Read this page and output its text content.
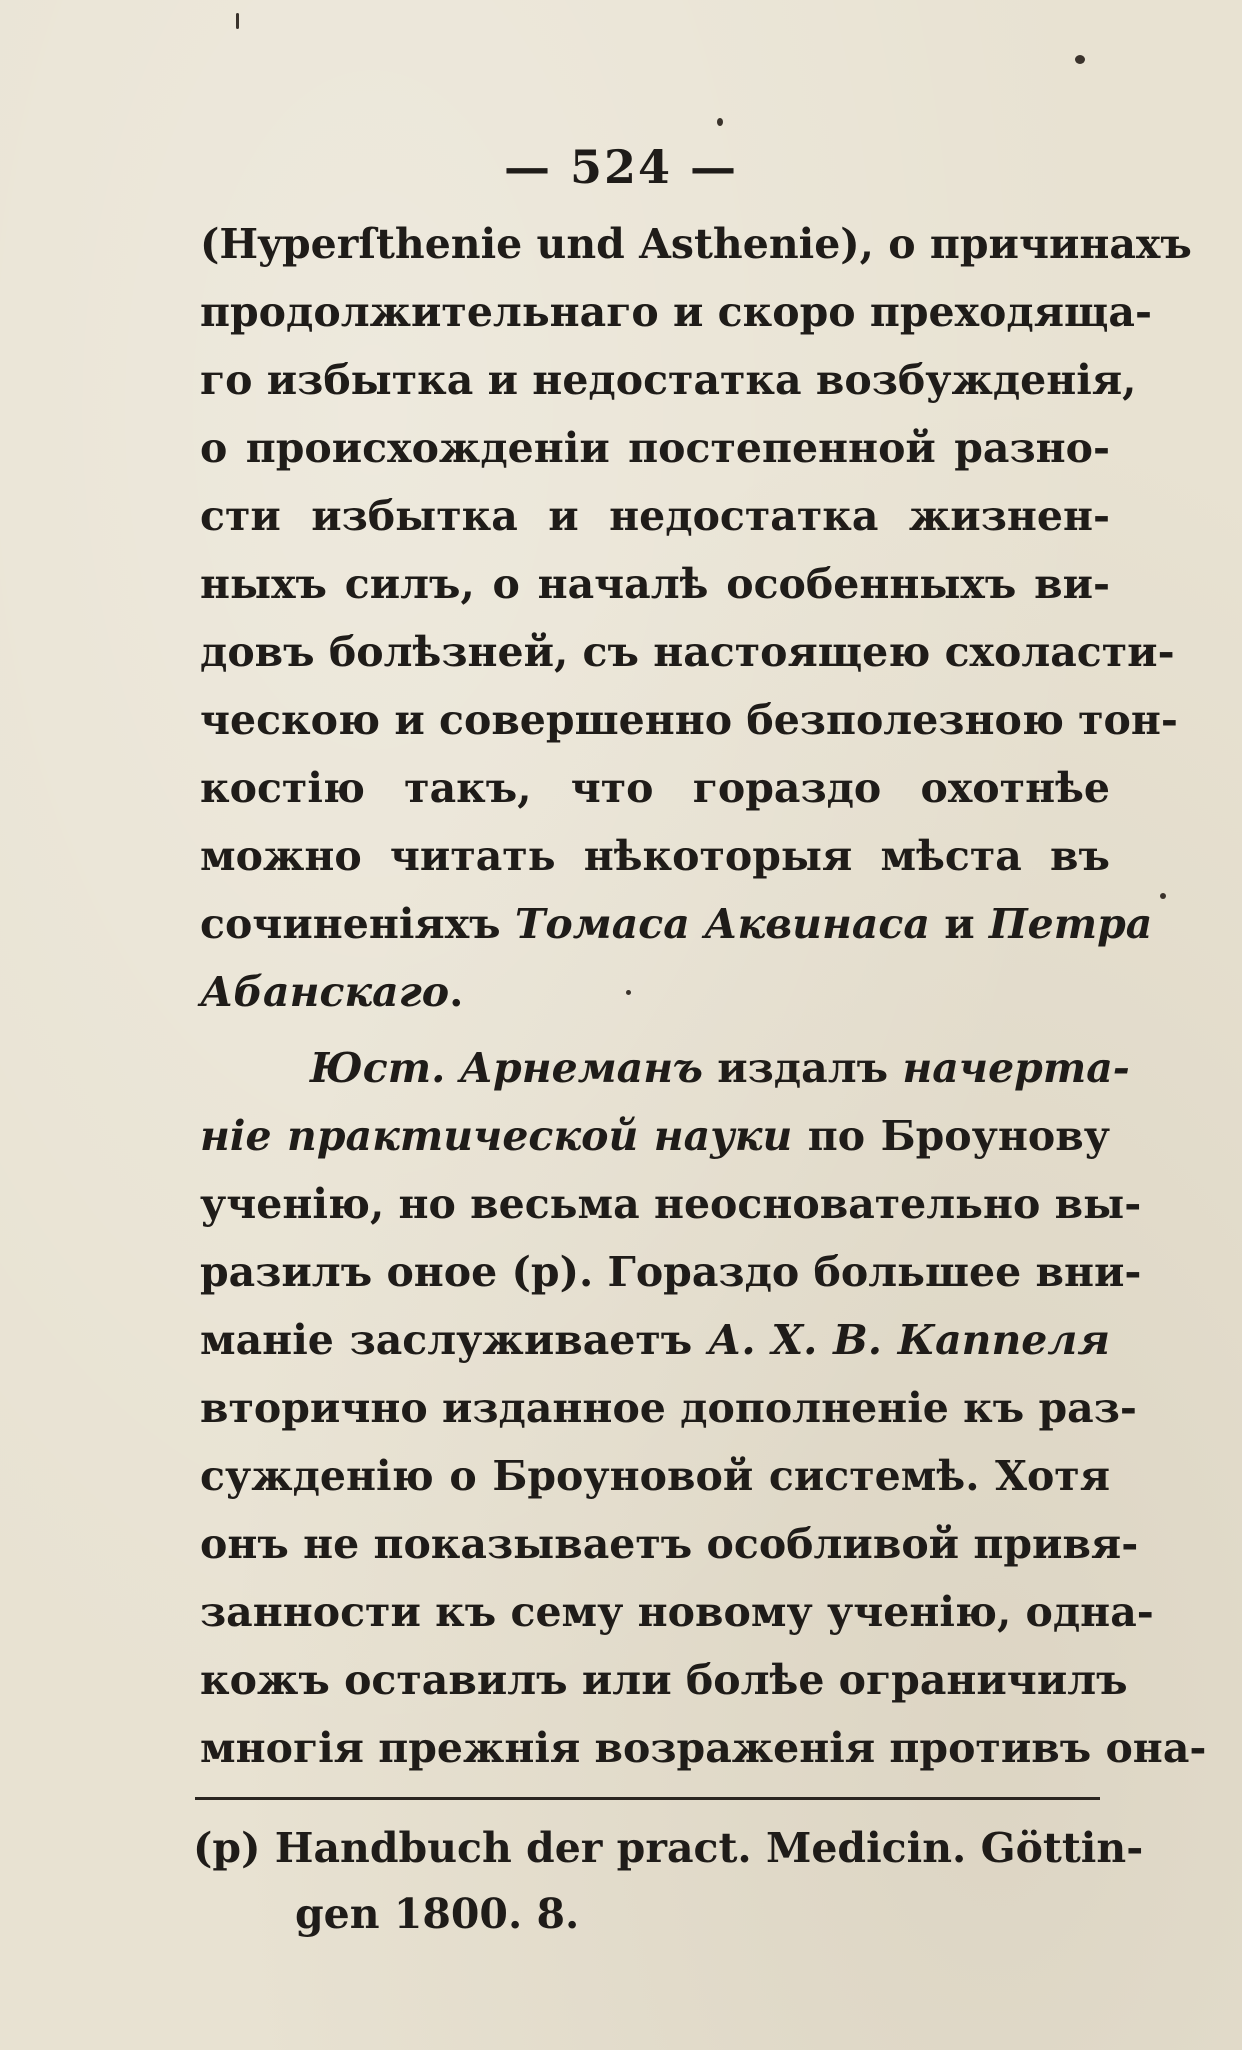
— 524 —
(Hyperſthenie und Asthenie), о причинахъ
продолжительнаго и скоро преходяща-
го избытка и недостатка возбужденія,
о происхожденіи постепенной разно-
сти избытка и недостатка жизнен-
ныхъ силъ, о началѣ особенныхъ ви-
довъ болѣзней, съ настоящею схоласти-
ческою и совершенно безполезною тон-
костію такъ, что гораздо охотнѣе
можно читать нѣкоторыя мѣста въ
сочиненіяхъ Томаса Аквинаса и Петра
Абанскаго.
Юст. Арнеманъ издалъ начерта-
ніе практической науки по Броунову
ученію, но весьма неосновательно вы-
разилъ оное (р). Гораздо большее вни-
маніе заслуживаетъ А. Х. В. Каппеля
вторично изданное дополненіе къ раз-
сужденію о Броуновой системѣ. Хотя
онъ не показываетъ особливой привя-
занности къ сему новому ученію, одна-
кожъ оставилъ или болѣе ограничилъ
многія прежнія возраженія противъ она-
(р) Handbuch der pract. Medicin. Göttin-
gen 1800. 8.
